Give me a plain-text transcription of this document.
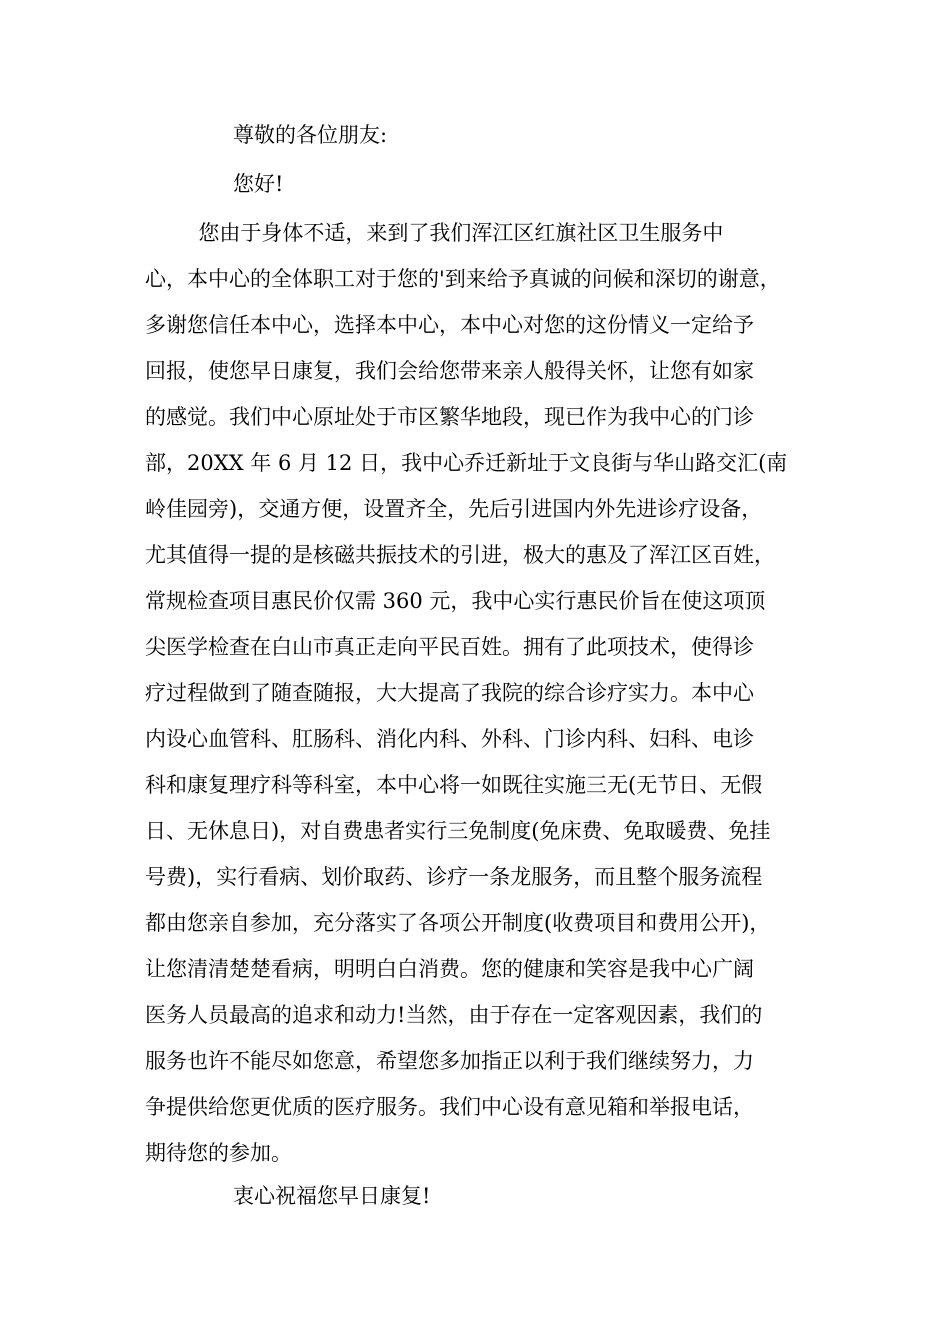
尊敬的各位朋友:

您好!

您由于身体不适，来到了我们浑江区红旗社区卫生服务中

心，本中心的全体职工对于您的'到来给予真诚的问候和深切的谢意，

多谢您信任本中心，选择本中心，本中心对您的这份情义一定给予

回报，使您早日康复，我们会给您带来亲人般得关怀，让您有如家

的感觉。我们中心原址处于市区繁华地段，现已作为我中心的门诊

部，20XX 年 6 月 12 日，我中心乔迁新址于文良街与华山路交汇(南

岭佳园旁)，交通方便，设置齐全，先后引进国内外先进诊疗设备，

尤其值得一提的是核磁共振技术的引进，极大的惠及了浑江区百姓，

常规检查项目惠民价仅需 360 元，我中心实行惠民价旨在使这项顶

尖医学检查在白山市真正走向平民百姓。拥有了此项技术，使得诊

疗过程做到了随查随报，大大提高了我院的综合诊疗实力。本中心

内设心血管科、肛肠科、消化内科、外科、门诊内科、妇科、电诊

科和康复理疗科等科室，本中心将一如既往实施三无(无节日、无假

日、无休息日)，对自费患者实行三免制度(免床费、免取暖费、免挂

号费)，实行看病、划价取药、诊疗一条龙服务，而且整个服务流程

都由您亲自参加，充分落实了各项公开制度(收费项目和费用公开)，

让您清清楚楚看病，明明白白消费。您的健康和笑容是我中心广阔

医务人员最高的追求和动力!当然，由于存在一定客观因素，我们的

服务也许不能尽如您意，希望您多加指正以利于我们继续努力，力

争提供给您更优质的医疗服务。我们中心设有意见箱和举报电话，

期待您的参加。

衷心祝福您早日康复!
